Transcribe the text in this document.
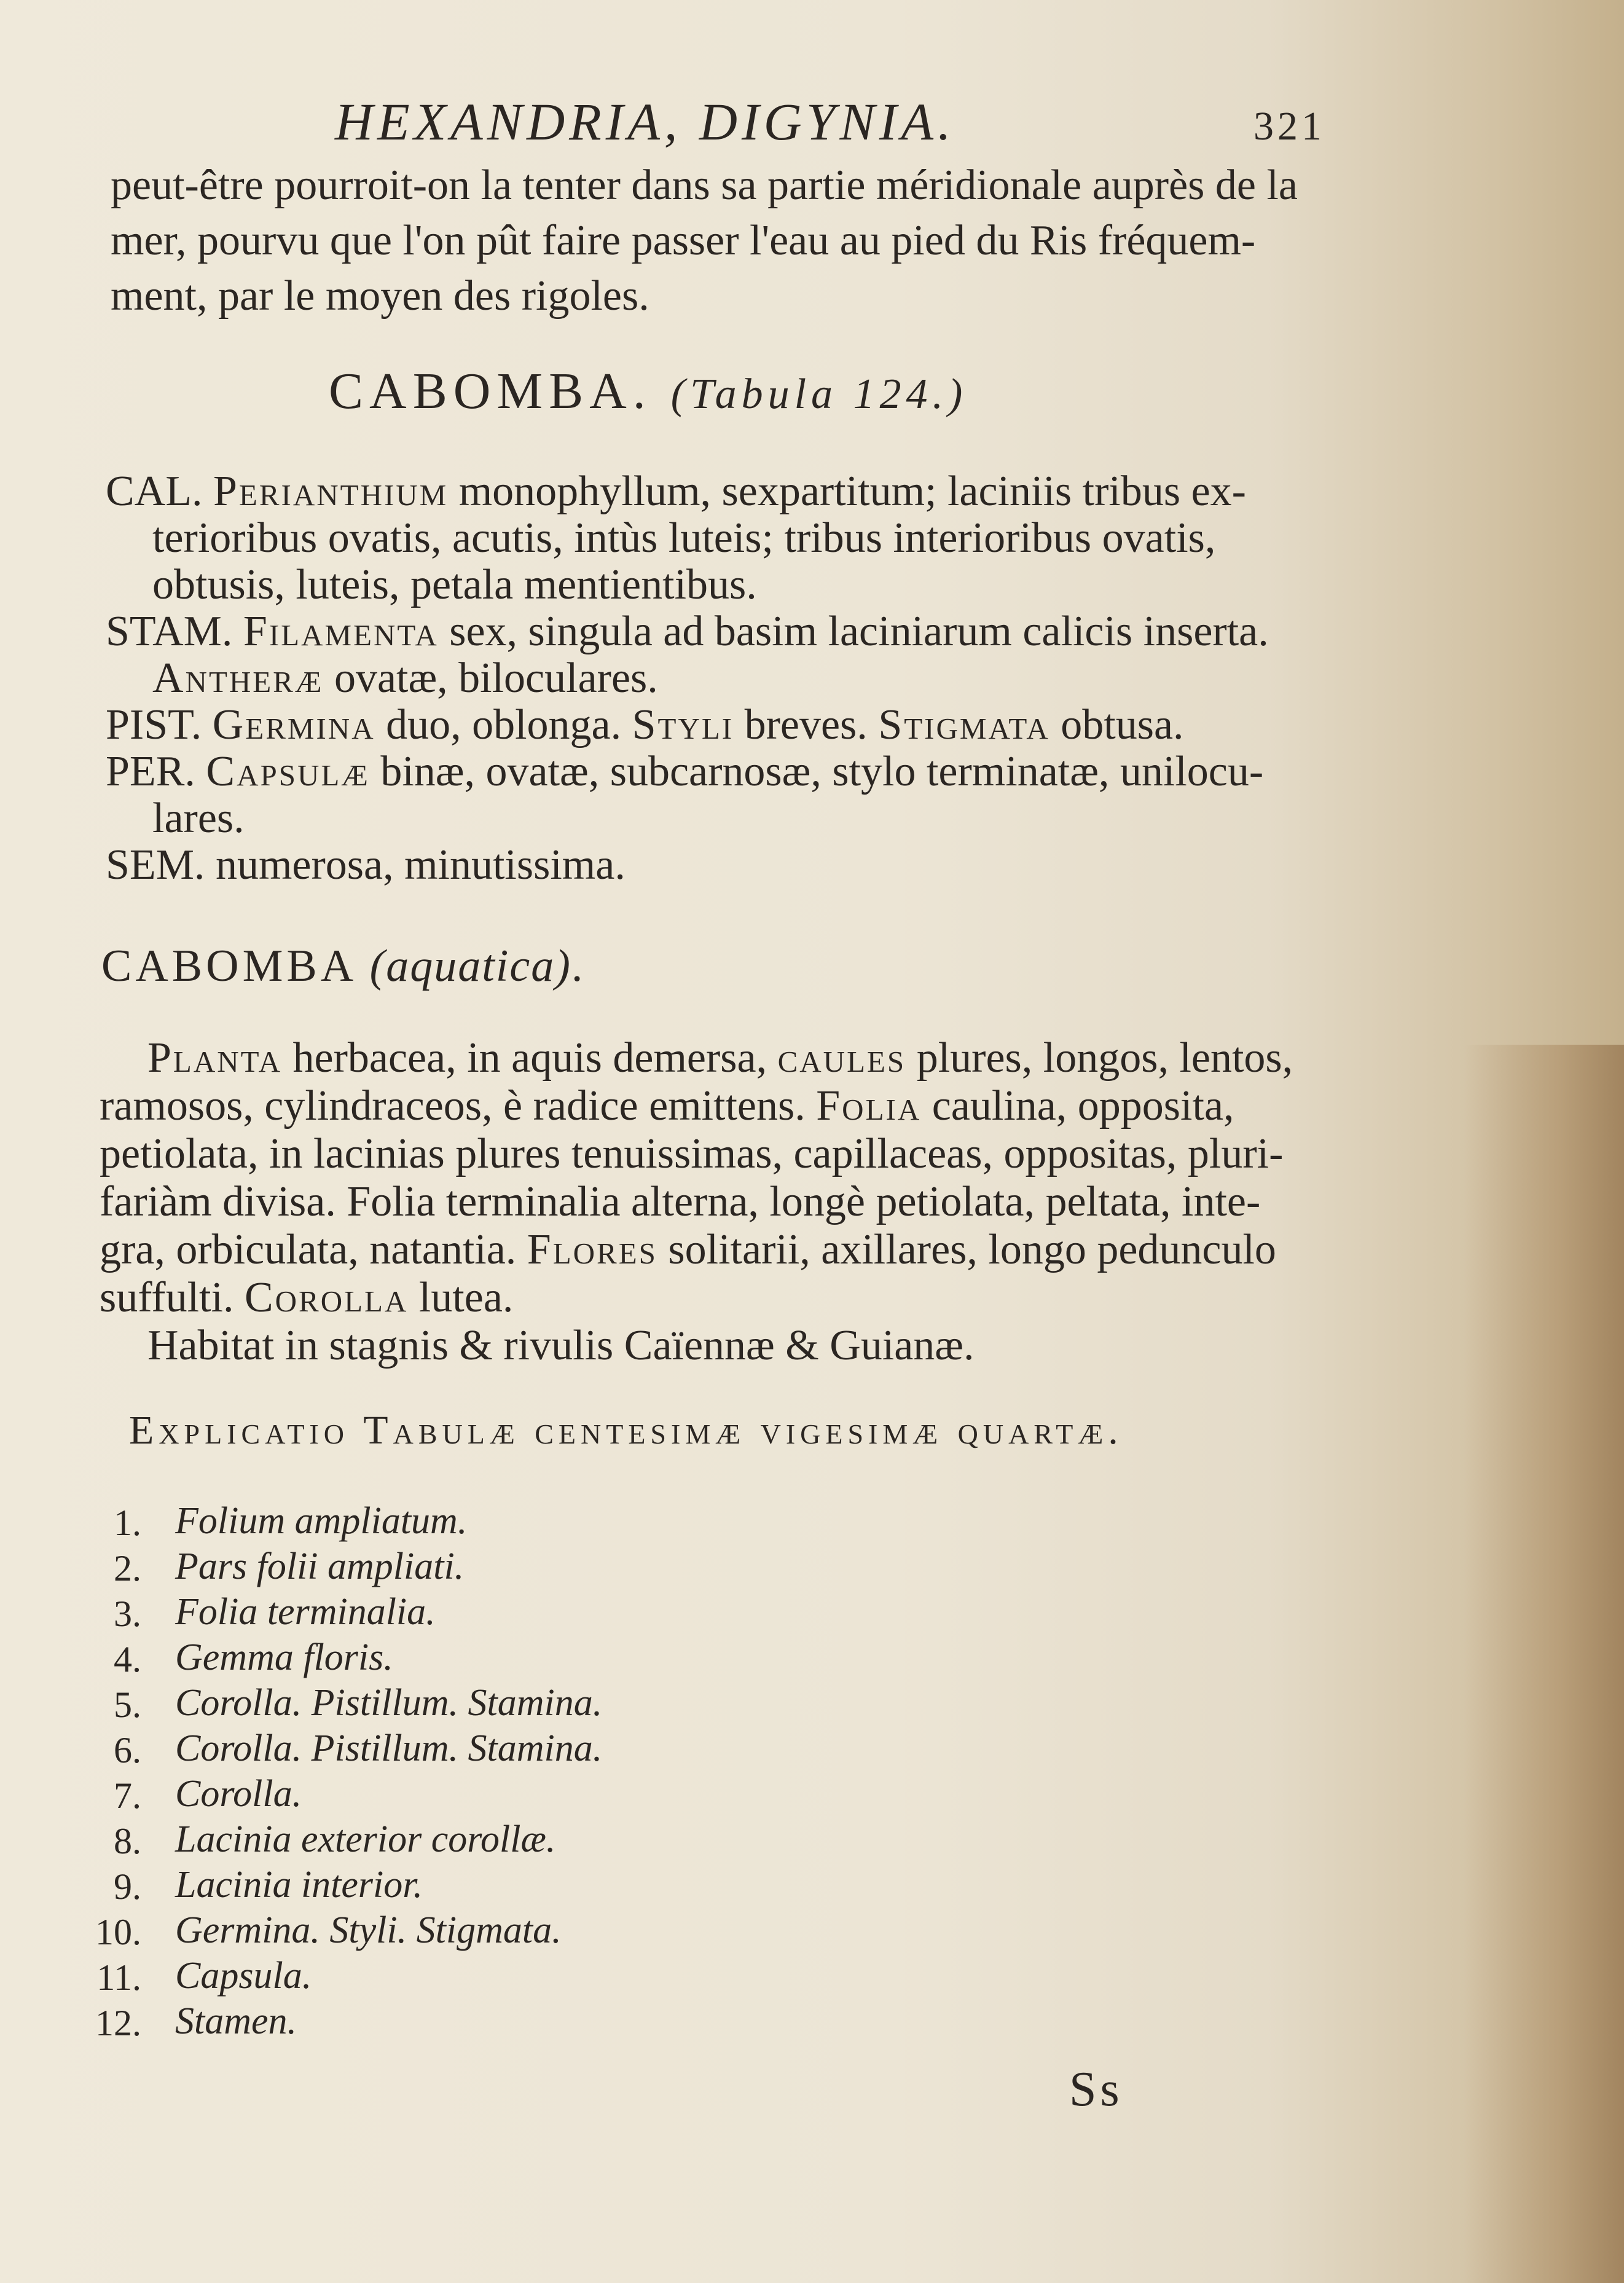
HEXANDRIA, DIGYNIA.	321
peut-être pourroit-on la tenter dans sa partie méridionale auprès de la
mer, pourvu que l'on pût faire passer l'eau au pied du Ris fréquem-
ment, par le moyen des rigoles.
CABOMBA. (Tabula 124.)
CAL. Perianthium monophyllum, sexpartitum; laciniis tribus ex-
terioribus ovatis, acutis, intùs luteis; tribus interioribus ovatis,
obtusis, luteis, petala mentientibus.
STAM. Filamenta sex, singula ad basim laciniarum calicis inserta.
Antheræ ovatæ, biloculares.
PIST. Germina duo, oblonga. Styli breves. Stigmata obtusa.
PER. Capsulæ binæ, ovatæ, subcarnosæ, stylo terminatæ, unilocu-
lares.
SEM. numerosa, minutissima.
CABOMBA (aquatica).
Planta herbacea, in aquis demersa, caules plures, longos, lentos,
ramosos, cylindraceos, è radice emittens. Folia caulina, opposita,
petiolata, in lacinias plures tenuissimas, capillaceas, oppositas, pluri-
fariàm divisa. Folia terminalia alterna, longè petiolata, peltata, inte-
gra, orbiculata, natantia. Flores solitarii, axillares, longo pedunculo
suffulti. Corolla lutea.
Habitat in stagnis & rivulis Caïennæ & Guianæ.
Explicatio Tabulæ centesimæ vigesimæ quartæ.
1. Folium ampliatum.
2. Pars folii ampliati.
3. Folia terminalia.
4. Gemma floris.
5. Corolla. Pistillum. Stamina.
6. Corolla. Pistillum. Stamina.
7. Corolla.
8. Lacinia exterior corollæ.
9. Lacinia interior.
10. Germina. Styli. Stigmata.
11. Capsula.
12. Stamen.
Ss
